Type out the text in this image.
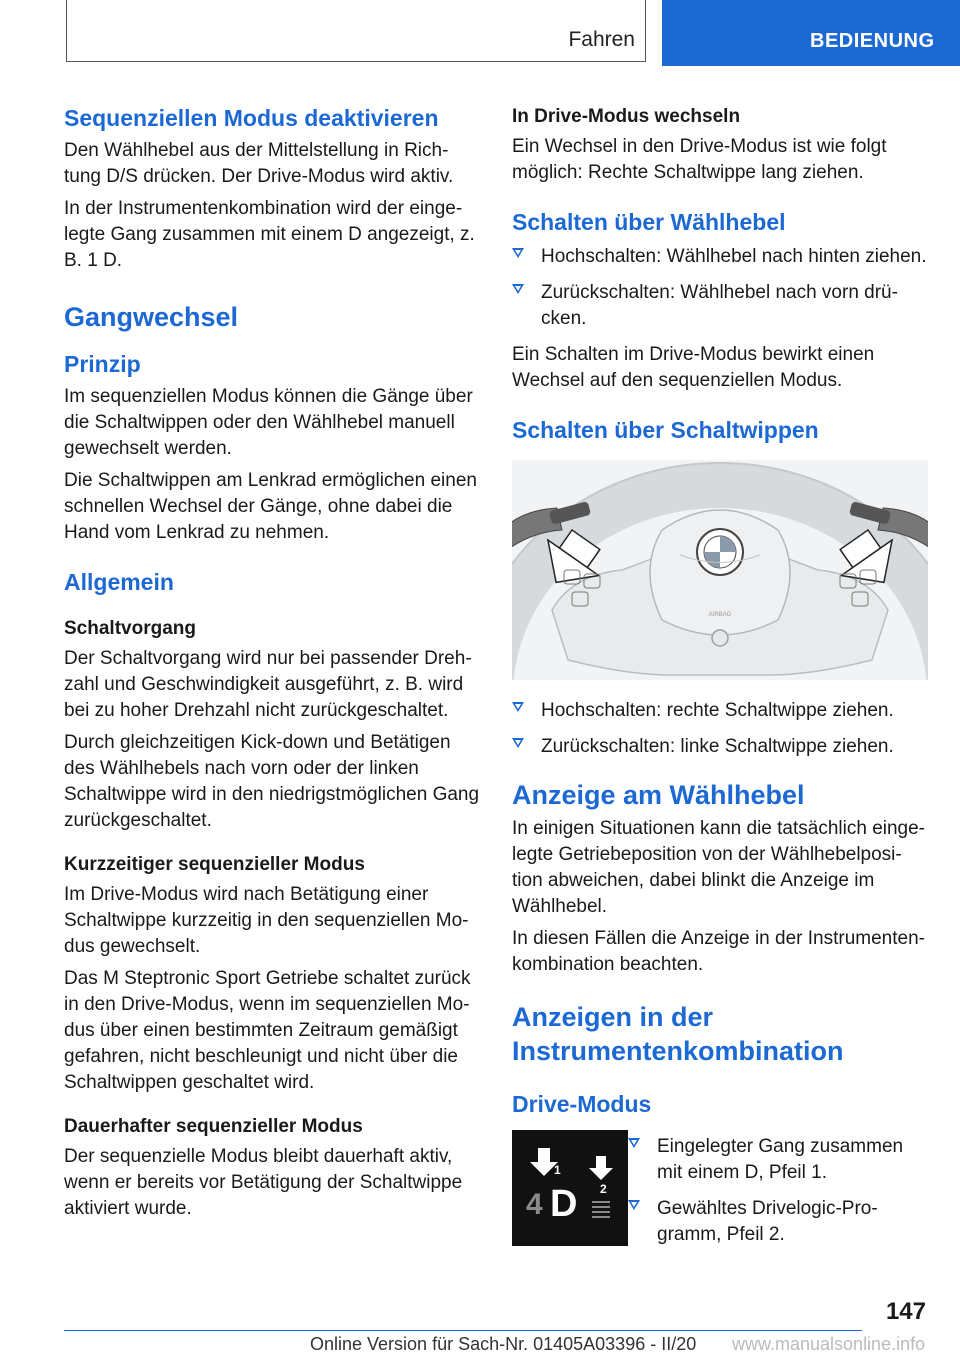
Fahren	BEDIENUNG
Sequenziellen Modus deaktivieren

Den Wählhebel aus der Mittelstellung in Rich-tung D/S drücken. Der Drive-Modus wird aktiv.

In der Instrumentenkombination wird der einge-legte Gang zusammen mit einem D angezeigt, z. B. 1 D.

Gangwechsel
Prinzip

Im sequenziellen Modus können die Gänge über die Schaltwippen oder den Wählhebel manuell gewechselt werden.

Die Schaltwippen am Lenkrad ermöglichen einen schnellen Wechsel der Gänge, ohne dabei die Hand vom Lenkrad zu nehmen.

Allgemein
Schaltvorgang

Der Schaltvorgang wird nur bei passender Dreh-zahl und Geschwindigkeit ausgeführt, z. B. wird bei zu hoher Drehzahl nicht zurückgeschaltet.

Durch gleichzeitigen Kick-down und Betätigen des Wählhebels nach vorn oder der linken Schaltwippe wird in den niedrigstmöglichen Gang zurückgeschaltet.

Kurzzeitiger sequenzieller Modus

Im Drive-Modus wird nach Betätigung einer Schaltwippe kurzzeitig in den sequenziellen Mo-dus gewechselt.

Das M Steptronic Sport Getriebe schaltet zurück in den Drive-Modus, wenn im sequenziellen Mo-dus über einen bestimmten Zeitraum gemäßigt gefahren, nicht beschleunigt und nicht über die Schaltwippen geschaltet wird.

Dauerhafter sequenzieller Modus

Der sequenzielle Modus bleibt dauerhaft aktiv, wenn er bereits vor Betätigung der Schaltwippe aktiviert wurde.

In Drive-Modus wechseln

Ein Wechsel in den Drive-Modus ist wie folgt möglich: Rechte Schaltwippe lang ziehen.

Schalten über Wählhebel
Hochschalten: Wählhebel nach hinten ziehen.
Zurückschalten: Wählhebel nach vorn drü-cken.

Ein Schalten im Drive-Modus bewirkt einen Wechsel auf den sequenziellen Modus.

Schalten über Schaltwippen
AIRBAG
Hochschalten: rechte Schaltwippe ziehen.
Zurückschalten: linke Schaltwippe ziehen.
Anzeige am Wählhebel

In einigen Situationen kann die tatsächlich einge-legte Getriebeposition von der Wählhebelposi-tion abweichen, dabei blinkt die Anzeige im Wählhebel.

In diesen Fällen die Anzeige in der Instrumenten-kombination beachten.

Anzeigen in der
Instrumentenkombination
Drive-Modus
1
2
4 D
Eingelegter Gang zusammen mit einem D, Pfeil 1.
Gewähltes Drivelogic-Pro-gramm, Pfeil 2.
147
Online Version für Sach-Nr. 01405A03396 - II/20 www.manualsonline.info
